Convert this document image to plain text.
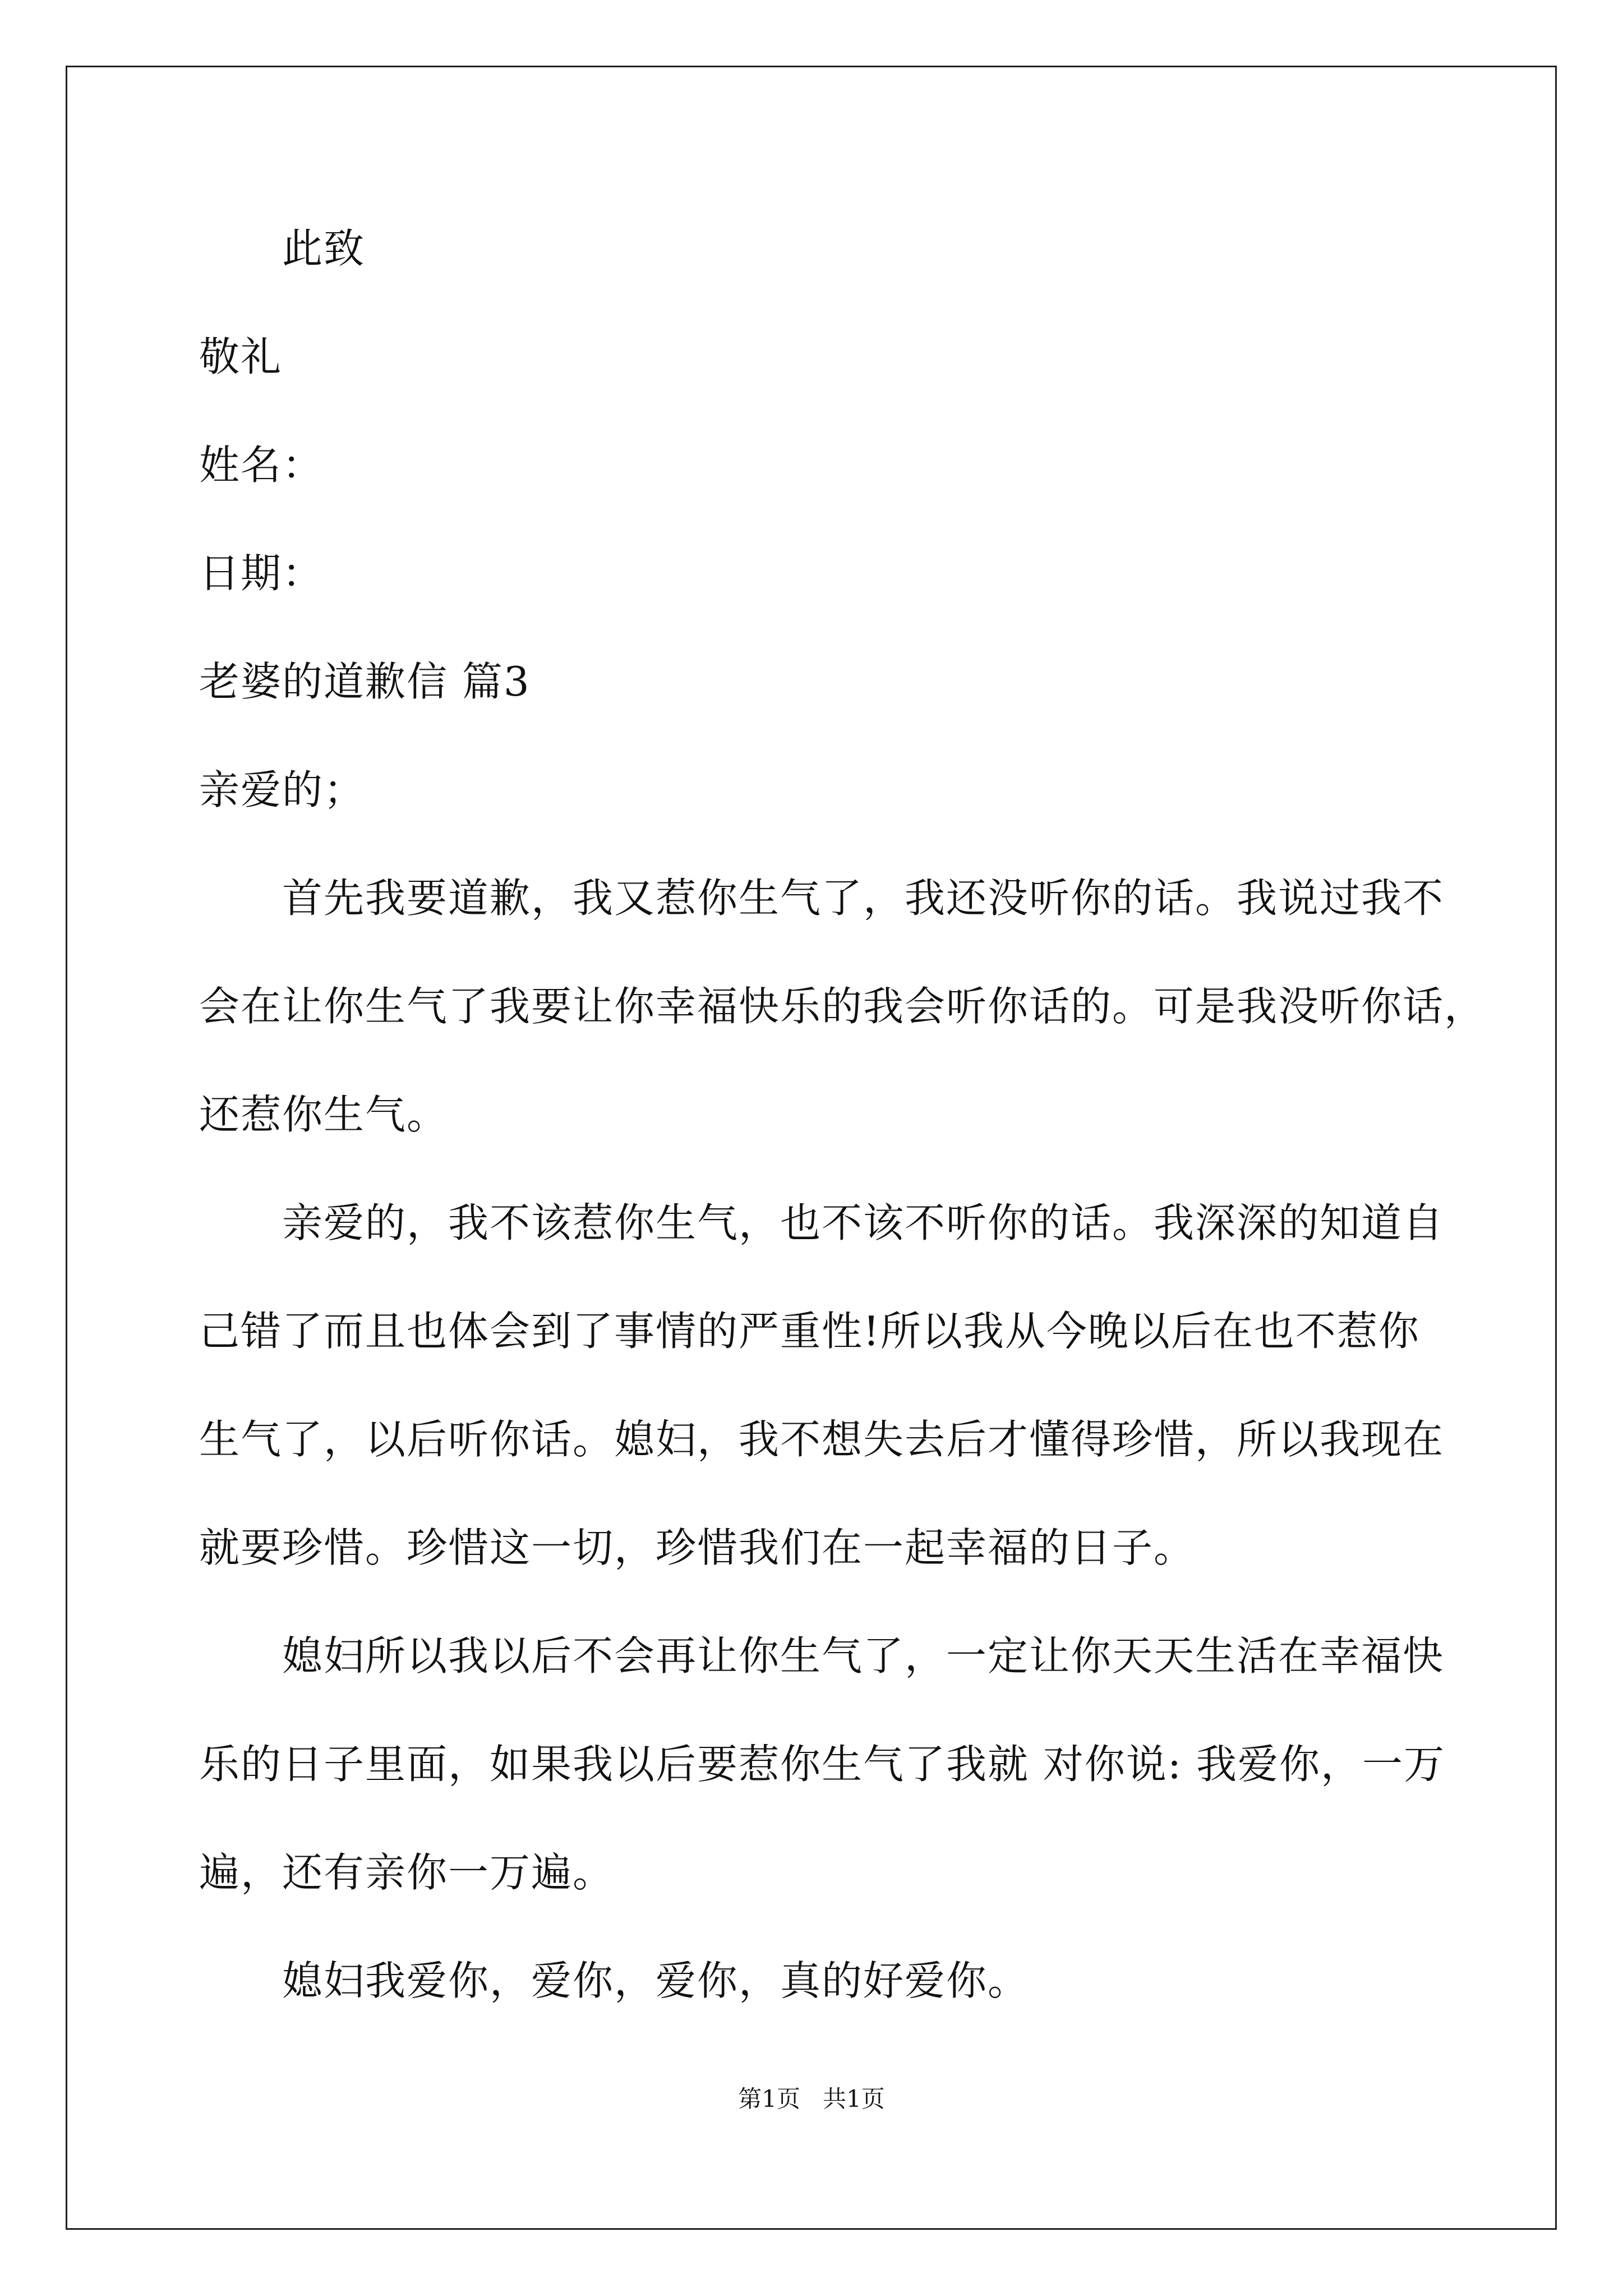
此致
敬礼
姓名：
日期：
老婆的道歉信 篇3
亲爱的；
首先我要道歉，我又惹你生气了，我还没听你的话。我说过我不
会在让你生气了我要让你幸福快乐的我会听你话的。可是我没听你话，
还惹你生气。
亲爱的，我不该惹你生气，也不该不听你的话。我深深的知道自
己错了而且也体会到了事情的严重性!所以我从今晚以后在也不惹你
生气了，以后听你话。媳妇，我不想失去后才懂得珍惜，所以我现在
就要珍惜。珍惜这一切，珍惜我们在一起幸福的日子。
媳妇所以我以后不会再让你生气了，一定让你天天生活在幸福快
乐的日子里面，如果我以后要惹你生气了我就 对你说: 我爱你，一万
遍，还有亲你一万遍。
媳妇我爱你，爱你，爱你，真的好爱你。
第1页   共1页
